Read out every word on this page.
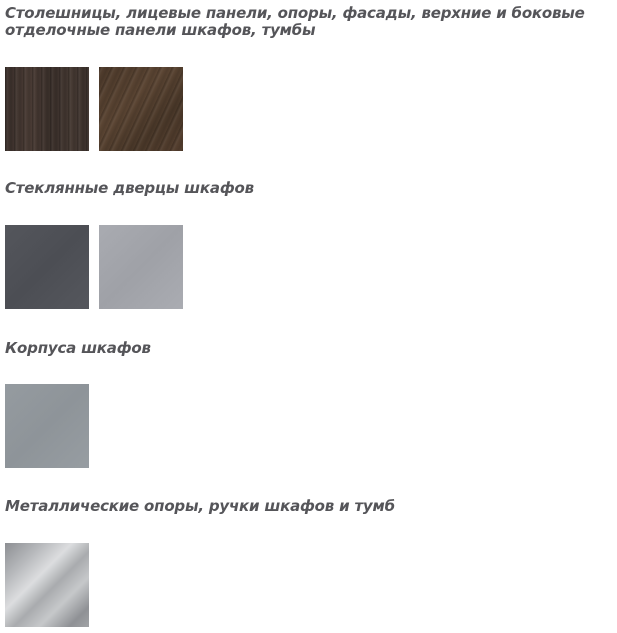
Столешницы, лицевые панели, опоры, фасады, верхние и боковые
отделочные панели шкафов, тумбы
Стеклянные дверцы шкафов
Корпуса шкафов
Металлические опоры, ручки шкафов и тумб
